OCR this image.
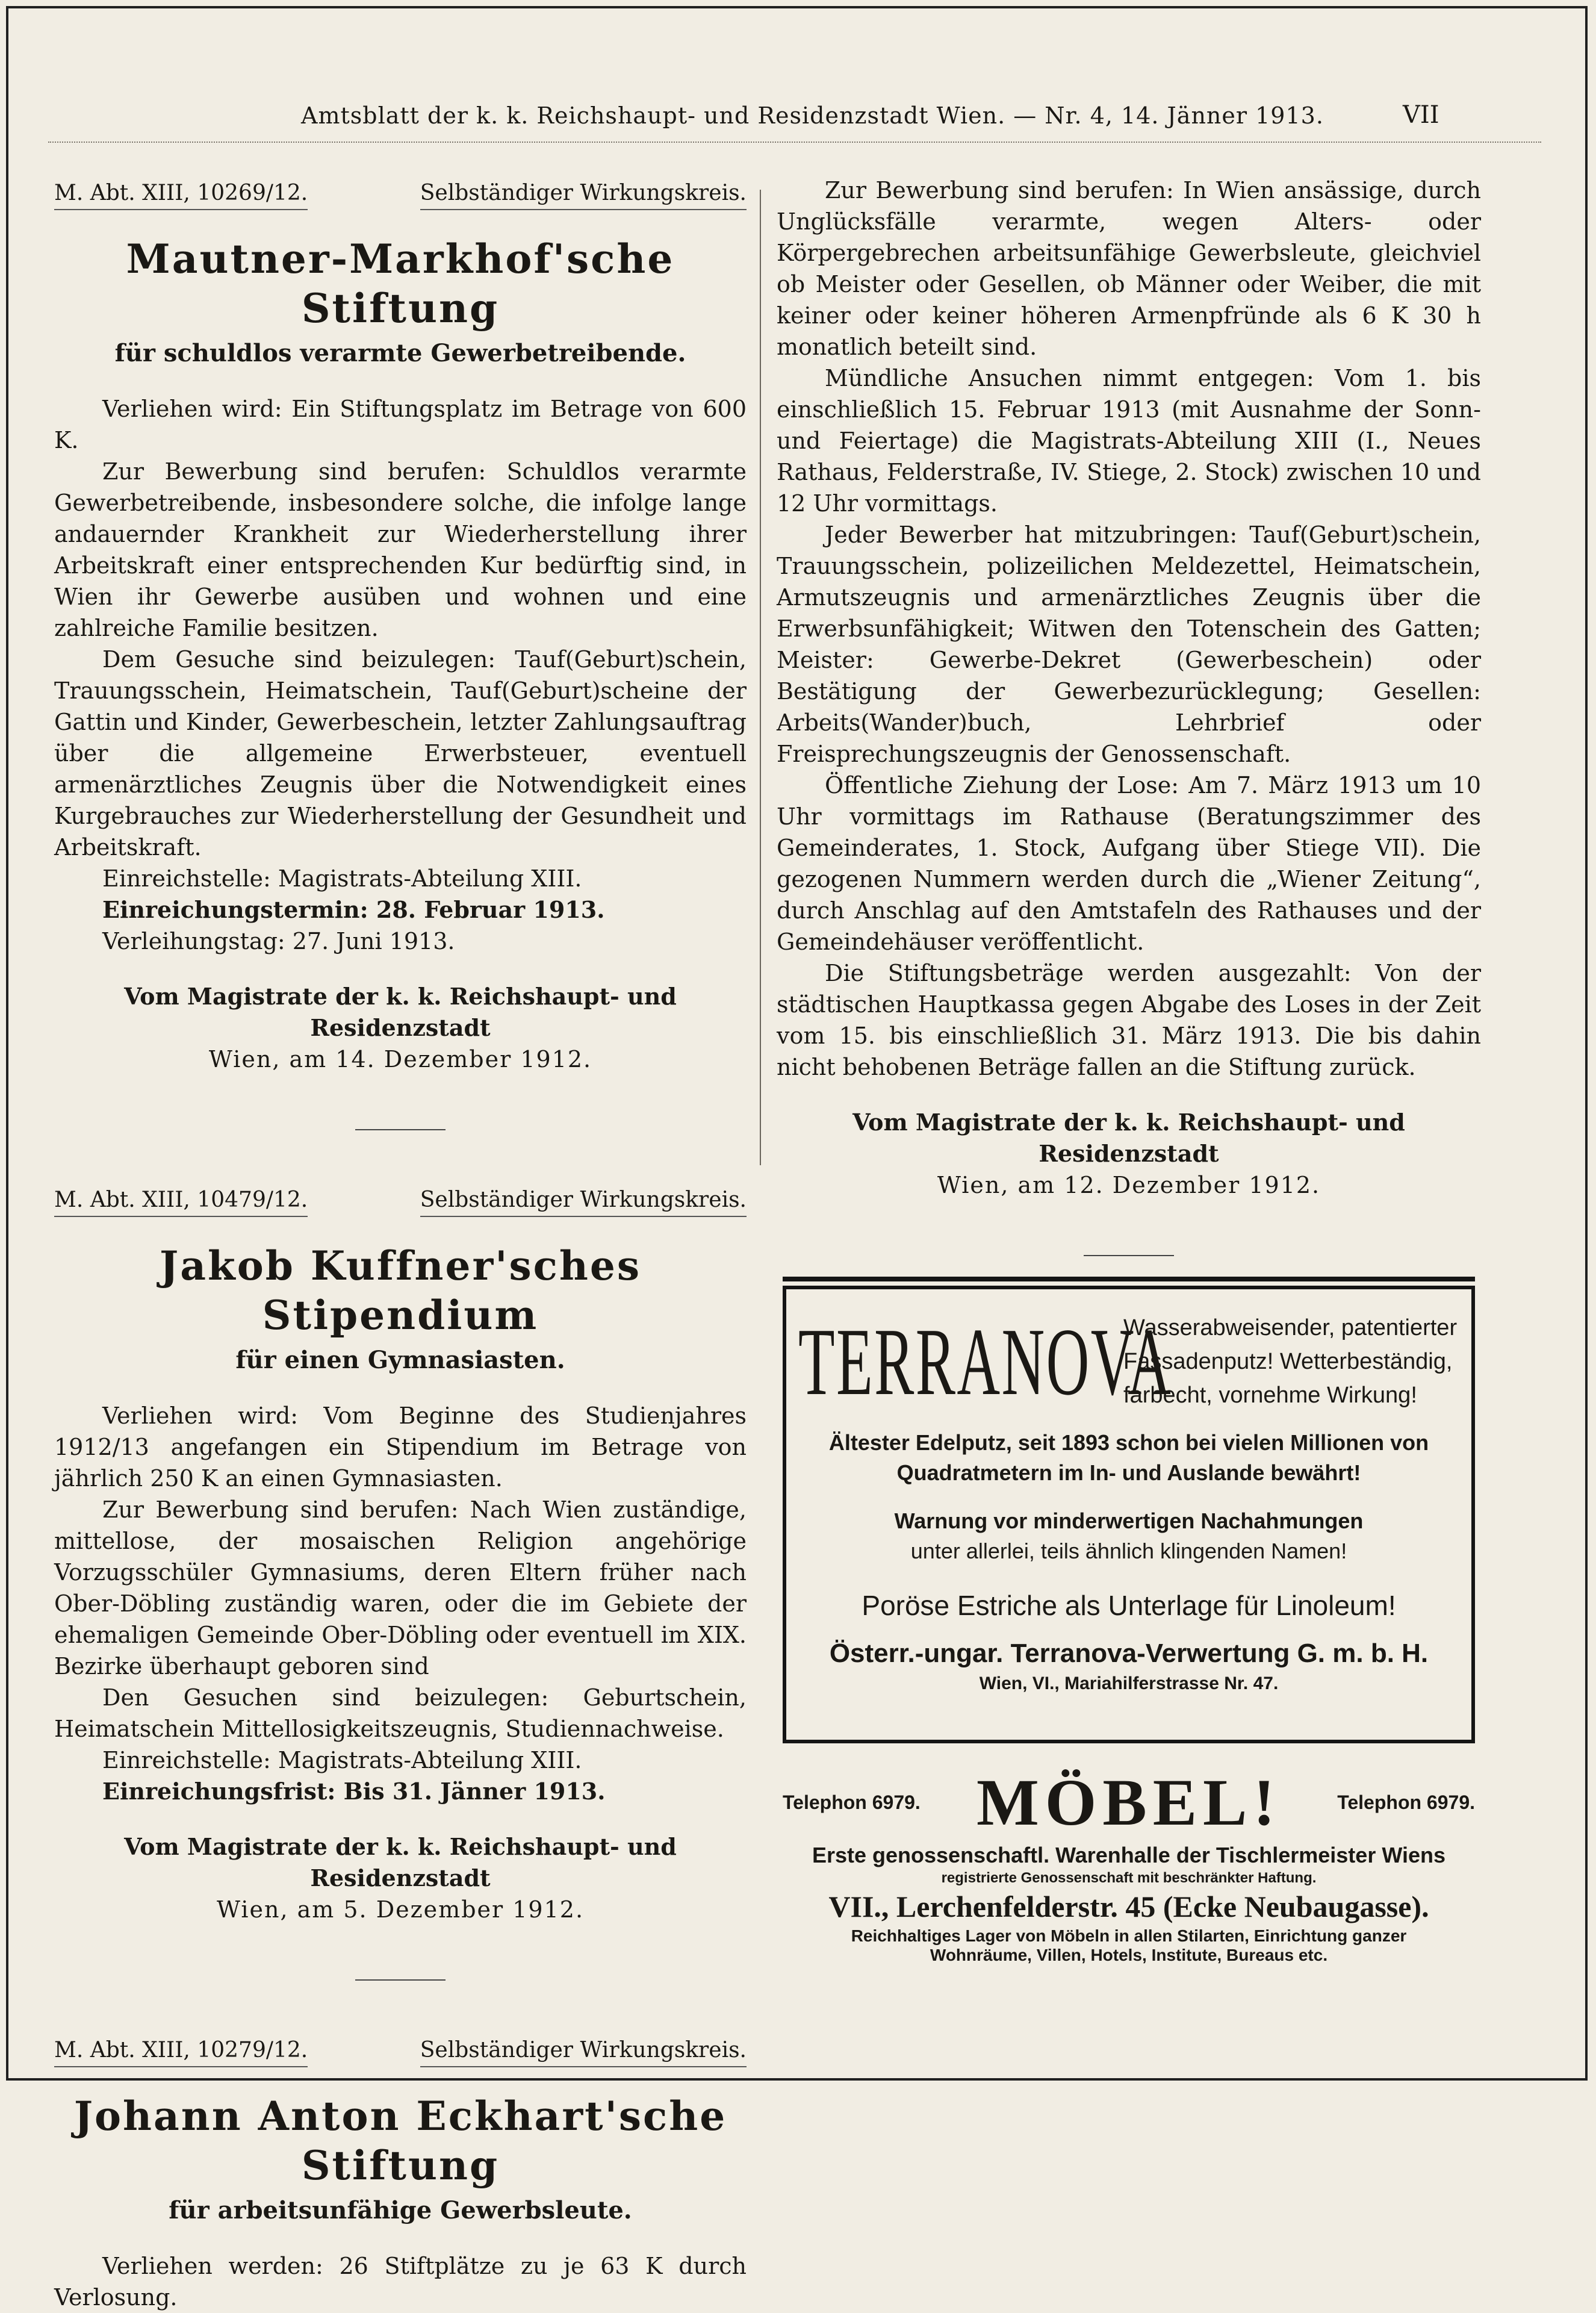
Amtsblatt der k. k. Reichshaupt- und Residenzstadt Wien. — Nr. 4, 14. Jänner 1913.	VII
M. Abt. XIII, 10269/12.	Selbständiger Wirkungskreis.
Mautner-Markhof'sche Stiftung
für schuldlos verarmte Gewerbetreibende.

Verliehen wird: Ein Stiftungsplatz im Betrage von 600 K.

Zur Bewerbung sind berufen: Schuldlos verarmte Gewerbetreibende, insbesondere solche, die infolge lange andauernder Krankheit zur Wiederherstellung ihrer Arbeitskraft einer entsprechenden Kur bedürftig sind, in Wien ihr Gewerbe ausüben und wohnen und eine zahlreiche Familie besitzen.

Dem Gesuche sind beizulegen: Tauf(Geburt)schein, Trauungsschein, Heimatschein, Tauf(Geburt)scheine der Gattin und Kinder, Gewerbeschein, letzter Zahlungsauftrag über die allgemeine Erwerbsteuer, eventuell armenärztliches Zeugnis über die Notwendigkeit eines Kurgebrauches zur Wiederherstellung der Gesundheit und Arbeitskraft.

Einreichstelle: Magistrats-Abteilung XIII.
Einreichungstermin: 28. Februar 1913.
Verleihungstag: 27. Juni 1913.
Vom Magistrate der k. k. Reichshaupt- und Residenzstadt
Wien, am 14. Dezember 1912.
M. Abt. XIII, 10479/12.	Selbständiger Wirkungskreis.
Jakob Kuffner'sches Stipendium
für einen Gymnasiasten.

Verliehen wird: Vom Beginne des Studienjahres 1912/13 angefangen ein Stipendium im Betrage von jährlich 250 K an einen Gymnasiasten.

Zur Bewerbung sind berufen: Nach Wien zuständige, mittellose, der mosaischen Religion angehörige Vorzugsschüler Gymnasiums, deren Eltern früher nach Ober-Döbling zuständig waren, oder die im Gebiete der ehemaligen Gemeinde Ober-Döbling oder eventuell im XIX. Bezirke überhaupt geboren sind

Den Gesuchen sind beizulegen: Geburtschein, Heimatschein Mittellosigkeitszeugnis, Studiennachweise.

Einreichstelle: Magistrats-Abteilung XIII.
Einreichungsfrist: Bis 31. Jänner 1913.
Vom Magistrate der k. k. Reichshaupt- und Residenzstadt
Wien, am 5. Dezember 1912.
M. Abt. XIII, 10279/12.	Selbständiger Wirkungskreis.
Johann Anton Eckhart'sche Stiftung
für arbeitsunfähige Gewerbsleute.

Verliehen werden: 26 Stiftplätze zu je 63 K durch Verlosung.

Zur Bewerbung sind berufen: In Wien ansässige, durch Unglücksfälle verarmte, wegen Alters- oder Körpergebrechen arbeitsunfähige Gewerbsleute, gleichviel ob Meister oder Gesellen, ob Männer oder Weiber, die mit keiner oder keiner höheren Armenpfründe als 6 K 30 h monatlich beteilt sind.

Mündliche Ansuchen nimmt entgegen: Vom 1. bis einschließlich 15. Februar 1913 (mit Ausnahme der Sonn- und Feiertage) die Magistrats-Abteilung XIII (I., Neues Rathaus, Felderstraße, IV. Stiege, 2. Stock) zwischen 10 und 12 Uhr vormittags.

Jeder Bewerber hat mitzubringen: Tauf(Geburt)schein, Trauungsschein, polizeilichen Meldezettel, Heimatschein, Armutszeugnis und armenärztliches Zeugnis über die Erwerbsunfähigkeit; Witwen den Totenschein des Gatten; Meister: Gewerbe-Dekret (Gewerbeschein) oder Bestätigung der Gewerbezurücklegung; Gesellen: Arbeits(Wander)buch, Lehrbrief oder Freisprechungszeugnis der Genossenschaft.

Öffentliche Ziehung der Lose: Am 7. März 1913 um 10 Uhr vormittags im Rathause (Beratungszimmer des Gemeinderates, 1. Stock, Aufgang über Stiege VII). Die gezogenen Nummern werden durch die „Wiener Zeitung“, durch Anschlag auf den Amtstafeln des Rathauses und der Gemeindehäuser veröffentlicht.

Die Stiftungsbeträge werden ausgezahlt: Von der städtischen Hauptkassa gegen Abgabe des Loses in der Zeit vom 15. bis einschließlich 31. März 1913. Die bis dahin nicht behobenen Beträge fallen an die Stiftung zurück.

Vom Magistrate der k. k. Reichshaupt- und Residenzstadt
Wien, am 12. Dezember 1912.
TERRANOVA
Wasserabweisender, patentierter
Fassadenputz! Wetterbeständig,
farbecht, vornehme Wirkung!
Ältester Edelputz, seit 1893 schon bei vielen Millionen von
Quadratmetern im In- und Auslande bewährt!
Warnung vor minderwertigen Nachahmungen
unter allerlei, teils ähnlich klingenden Namen!
Poröse Estriche als Unterlage für Linoleum!
Österr.-ungar. Terranova-Verwertung G. m. b. H.
Wien, VI., Mariahilferstrasse Nr. 47.
Telephon 6979. MÖBEL!	Telephon 6979.
Erste genossenschaftl. Warenhalle der Tischlermeister Wiens
registrierte Genossenschaft mit beschränkter Haftung.
VII., Lerchenfelderstr. 45 (Ecke Neubaugasse).
Reichhaltiges Lager von Möbeln in allen Stilarten, Einrichtung ganzer
Wohnräume, Villen, Hotels, Institute, Bureaus etc.
